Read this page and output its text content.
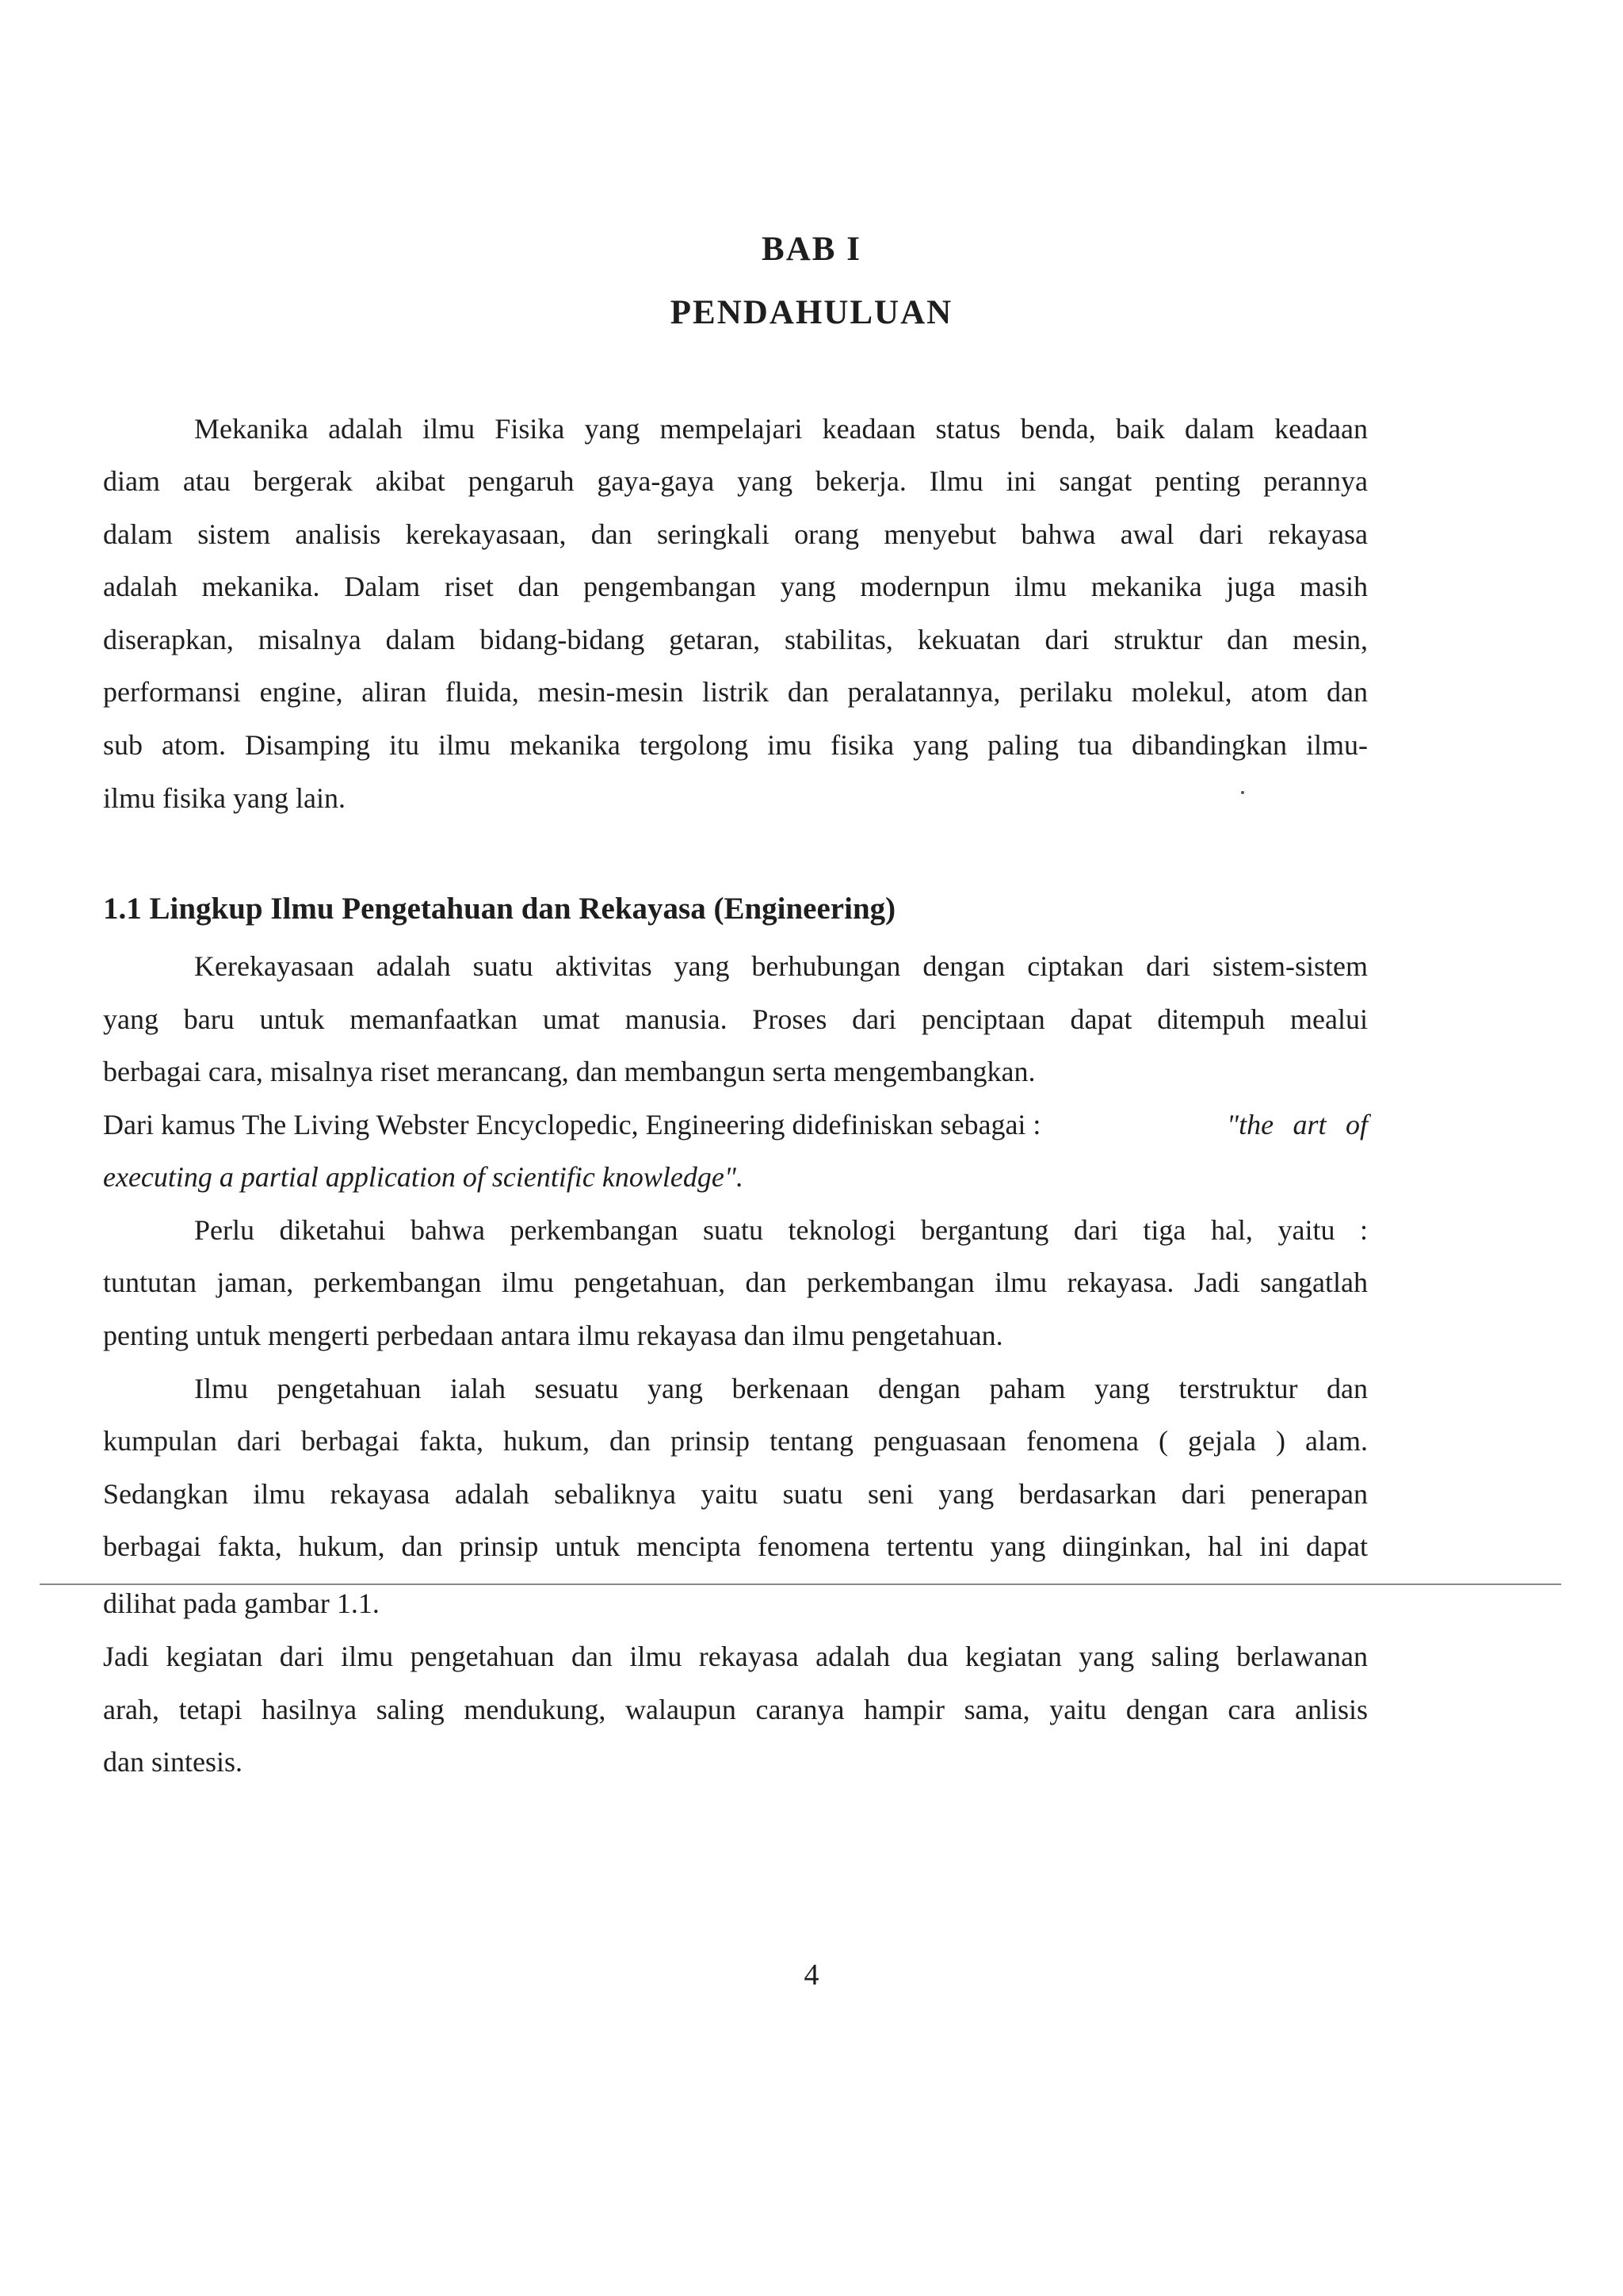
BAB I
PENDAHULUAN
Mekanika adalah ilmu Fisika yang mempelajari keadaan status benda, baik dalam keadaan
diam atau bergerak akibat pengaruh gaya-gaya yang bekerja. Ilmu ini sangat penting perannya
dalam sistem analisis kerekayasaan, dan seringkali orang menyebut bahwa awal dari rekayasa
adalah mekanika. Dalam riset dan pengembangan yang modernpun ilmu mekanika juga masih
diserapkan, misalnya dalam bidang-bidang getaran, stabilitas, kekuatan dari struktur dan mesin,
performansi engine, aliran fluida, mesin-mesin listrik dan peralatannya, perilaku molekul, atom dan
sub atom. Disamping itu ilmu mekanika tergolong imu fisika yang paling tua dibandingkan ilmu-
ilmu fisika yang lain.
1.1 Lingkup Ilmu Pengetahuan dan Rekayasa (Engineering)
Kerekayasaan adalah suatu aktivitas yang berhubungan dengan ciptakan dari sistem-sistem
yang baru untuk memanfaatkan umat manusia. Proses dari penciptaan dapat ditempuh mealui
berbagai cara, misalnya riset merancang, dan membangun serta mengembangkan.
Dari kamus The Living Webster Encyclopedic, Engineering didefiniskan sebagai :	"the art of
executing a partial application of scientific knowledge".
Perlu diketahui bahwa perkembangan suatu teknologi bergantung dari tiga hal, yaitu :
tuntutan jaman, perkembangan ilmu pengetahuan, dan perkembangan ilmu rekayasa. Jadi sangatlah
penting untuk mengerti perbedaan antara ilmu rekayasa dan ilmu pengetahuan.
Ilmu pengetahuan ialah sesuatu yang berkenaan dengan paham yang terstruktur dan
kumpulan dari berbagai fakta, hukum, dan prinsip tentang penguasaan fenomena ( gejala ) alam.
Sedangkan ilmu rekayasa adalah sebaliknya yaitu suatu seni yang berdasarkan dari penerapan
berbagai fakta, hukum, dan prinsip untuk mencipta fenomena tertentu yang diinginkan, hal ini dapat
dilihat pada gambar 1.1.
Jadi kegiatan dari ilmu pengetahuan dan ilmu rekayasa adalah dua kegiatan yang saling berlawanan
arah, tetapi hasilnya saling mendukung, walaupun caranya hampir sama, yaitu dengan cara anlisis
dan sintesis.
4
